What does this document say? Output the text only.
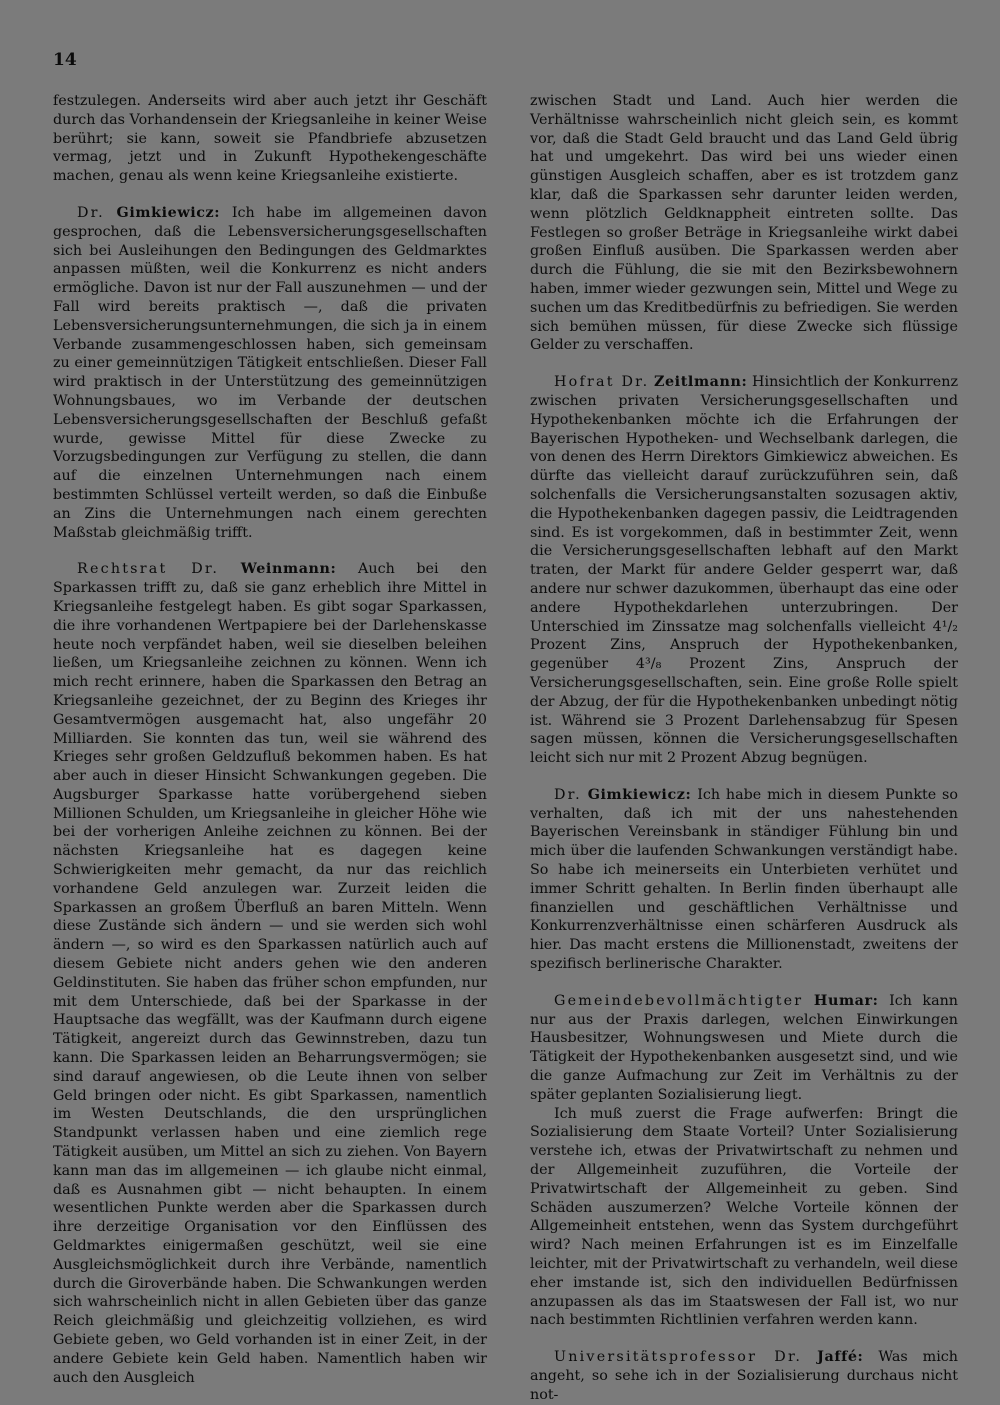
14

festzulegen. Anderseits wird aber auch jetzt ihr Geschäft durch das Vorhandensein der Kriegsanleihe in keiner Weise berührt; sie kann, soweit sie Pfandbriefe abzusetzen vermag, jetzt und in Zukunft Hypothekengeschäfte machen, genau als wenn keine Kriegsanleihe existierte.

Dr. Gimkiewicz: Ich habe im allgemeinen davon gesprochen, daß die Lebensversicherungsgesellschaften sich bei Ausleihungen den Bedingungen des Geldmarktes anpassen müßten, weil die Konkurrenz es nicht anders ermögliche. Davon ist nur der Fall auszunehmen — und der Fall wird bereits praktisch —, daß die privaten Lebensversicherungsunternehmungen, die sich ja in einem Verbande zusammengeschlossen haben, sich gemeinsam zu einer gemeinnützigen Tätigkeit entschließen. Dieser Fall wird praktisch in der Unterstützung des gemeinnützigen Wohnungsbaues, wo im Verbande der deutschen Lebensversicherungsgesellschaften der Beschluß gefaßt wurde, gewisse Mittel für diese Zwecke zu Vorzugsbedingungen zur Verfügung zu stellen, die dann auf die einzelnen Unternehmungen nach einem bestimmten Schlüssel verteilt werden, so daß die Einbuße an Zins die Unternehmungen nach einem gerechten Maßstab gleichmäßig trifft.

Rechtsrat Dr. Weinmann: Auch bei den Sparkassen trifft zu, daß sie ganz erheblich ihre Mittel in Kriegsanleihe festgelegt haben. Es gibt sogar Sparkassen, die ihre vorhandenen Wertpapiere bei der Darlehenskasse heute noch verpfändet haben, weil sie dieselben beleihen ließen, um Kriegsanleihe zeichnen zu können. Wenn ich mich recht erinnere, haben die Sparkassen den Betrag an Kriegsanleihe gezeichnet, der zu Beginn des Krieges ihr Gesamtvermögen ausgemacht hat, also ungefähr 20 Milliarden. Sie konnten das tun, weil sie während des Krieges sehr großen Geldzufluß bekommen haben. Es hat aber auch in dieser Hinsicht Schwankungen gegeben. Die Augsburger Sparkasse hatte vorübergehend sieben Millionen Schulden, um Kriegsanleihe in gleicher Höhe wie bei der vorherigen Anleihe zeichnen zu können. Bei der nächsten Kriegsanleihe hat es dagegen keine Schwierigkeiten mehr gemacht, da nur das reichlich vorhandene Geld anzulegen war. Zurzeit leiden die Sparkassen an großem Überfluß an baren Mitteln. Wenn diese Zustände sich ändern — und sie werden sich wohl ändern —, so wird es den Sparkassen natürlich auch auf diesem Gebiete nicht anders gehen wie den anderen Geldinstituten. Sie haben das früher schon empfunden, nur mit dem Unterschiede, daß bei der Sparkasse in der Hauptsache das wegfällt, was der Kaufmann durch eigene Tätigkeit, angereizt durch das Gewinnstreben, dazu tun kann. Die Sparkassen leiden an Beharrungsvermögen; sie sind darauf angewiesen, ob die Leute ihnen von selber Geld bringen oder nicht. Es gibt Sparkassen, namentlich im Westen Deutschlands, die den ursprünglichen Standpunkt verlassen haben und eine ziemlich rege Tätigkeit ausüben, um Mittel an sich zu ziehen. Von Bayern kann man das im allgemeinen — ich glaube nicht einmal, daß es Ausnahmen gibt — nicht behaupten. In einem wesentlichen Punkte werden aber die Sparkassen durch ihre derzeitige Organisation vor den Einflüssen des Geldmarktes einigermaßen geschützt, weil sie eine Ausgleichsmöglichkeit durch ihre Verbände, namentlich durch die Giroverbände haben. Die Schwankungen werden sich wahrscheinlich nicht in allen Gebieten über das ganze Reich gleichmäßig und gleichzeitig vollziehen, es wird Gebiete geben, wo Geld vorhanden ist in einer Zeit, in der andere Gebiete kein Geld haben. Namentlich haben wir auch den Ausgleich

zwischen Stadt und Land. Auch hier werden die Verhältnisse wahrscheinlich nicht gleich sein, es kommt vor, daß die Stadt Geld braucht und das Land Geld übrig hat und umgekehrt. Das wird bei uns wieder einen günstigen Ausgleich schaffen, aber es ist trotzdem ganz klar, daß die Sparkassen sehr darunter leiden werden, wenn plötzlich Geldknappheit eintreten sollte. Das Festlegen so großer Beträge in Kriegsanleihe wirkt dabei großen Einfluß ausüben. Die Sparkassen werden aber durch die Fühlung, die sie mit den Bezirksbewohnern haben, immer wieder gezwungen sein, Mittel und Wege zu suchen um das Kreditbedürfnis zu befriedigen. Sie werden sich bemühen müssen, für diese Zwecke sich flüssige Gelder zu verschaffen.

Hofrat Dr. Zeitlmann: Hinsichtlich der Konkurrenz zwischen privaten Versicherungsgesellschaften und Hypothekenbanken möchte ich die Erfahrungen der Bayerischen Hypotheken- und Wechselbank darlegen, die von denen des Herrn Direktors Gimkiewicz abweichen. Es dürfte das vielleicht darauf zurückzuführen sein, daß solchenfalls die Versicherungsanstalten sozusagen aktiv, die Hypothekenbanken dagegen passiv, die Leidtragenden sind. Es ist vorgekommen, daß in bestimmter Zeit, wenn die Versicherungsgesellschaften lebhaft auf den Markt traten, der Markt für andere Gelder gesperrt war, daß andere nur schwer dazukommen, überhaupt das eine oder andere Hypothekdarlehen unterzubringen. Der Unterschied im Zinssatze mag solchenfalls vielleicht 4¹/₂ Prozent Zins, Anspruch der Hypothekenbanken, gegenüber 4³/₈ Prozent Zins, Anspruch der Versicherungsgesellschaften, sein. Eine große Rolle spielt der Abzug, der für die Hypothekenbanken unbedingt nötig ist. Während sie 3 Prozent Darlehensabzug für Spesen sagen müssen, können die Versicherungsgesellschaften leicht sich nur mit 2 Prozent Abzug begnügen.

Dr. Gimkiewicz: Ich habe mich in diesem Punkte so verhalten, daß ich mit der uns nahestehenden Bayerischen Vereinsbank in ständiger Fühlung bin und mich über die laufenden Schwankungen verständigt habe. So habe ich meinerseits ein Unterbieten verhütet und immer Schritt gehalten. In Berlin finden überhaupt alle finanziellen und geschäftlichen Verhältnisse und Konkurrenzverhältnisse einen schärferen Ausdruck als hier. Das macht erstens die Millionenstadt, zweitens der spezifisch berlinerische Charakter.

Gemeindebevollmächtigter Humar: Ich kann nur aus der Praxis darlegen, welchen Einwirkungen Hausbesitzer, Wohnungswesen und Miete durch die Tätigkeit der Hypothekenbanken ausgesetzt sind, und wie die ganze Aufmachung zur Zeit im Verhältnis zu der später geplanten Sozialisierung liegt.

Ich muß zuerst die Frage aufwerfen: Bringt die Sozialisierung dem Staate Vorteil? Unter Sozialisierung verstehe ich, etwas der Privatwirtschaft zu nehmen und der Allgemeinheit zuzuführen, die Vorteile der Privatwirtschaft der Allgemeinheit zu geben. Sind Schäden auszumerzen? Welche Vorteile können der Allgemeinheit entstehen, wenn das System durchgeführt wird? Nach meinen Erfahrungen ist es im Einzelfalle leichter, mit der Privatwirtschaft zu verhandeln, weil diese eher imstande ist, sich den individuellen Bedürfnissen anzupassen als das im Staatswesen der Fall ist, wo nur nach bestimmten Richtlinien verfahren werden kann.

Universitätsprofessor Dr. Jaffé: Was mich angeht, so sehe ich in der Sozialisierung durchaus nicht not-
